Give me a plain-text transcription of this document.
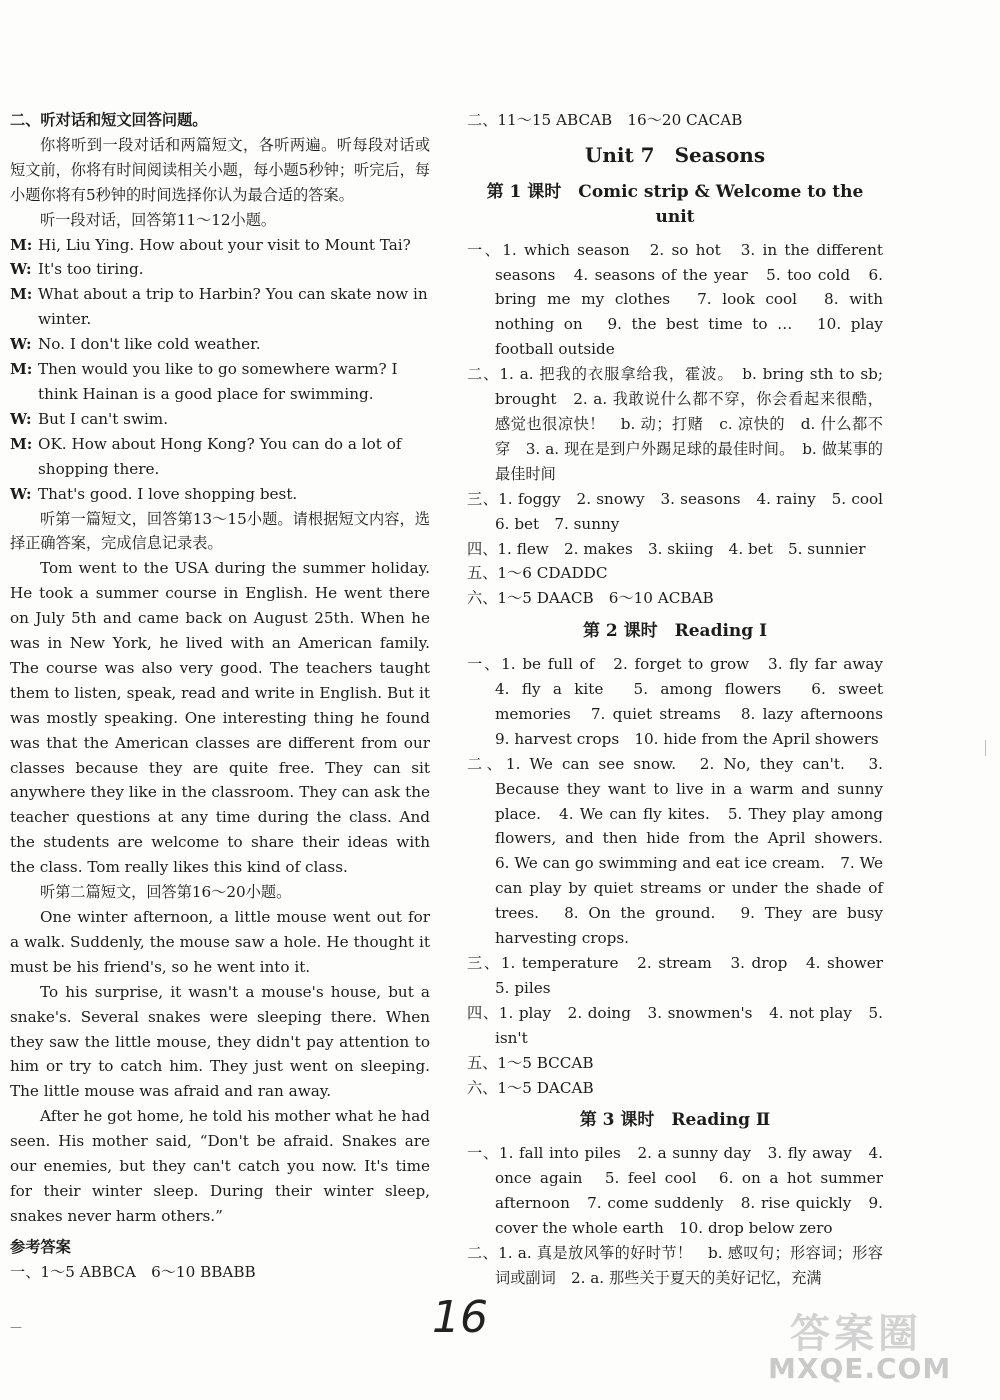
二、听对话和短文回答问题。

你将听到一段对话和两篇短文，各听两遍。听每段对话或短文前，你将有时间阅读相关小题，每小题5秒钟；听完后，每小题你将有5秒钟的时间选择你认为最合适的答案。

听一段对话，回答第11～12小题。

M: Hi, Liu Ying. How about your visit to Mount Tai?

W: It's too tiring.

M: What about a trip to Harbin? You can skate now in winter.

W: No. I don't like cold weather.

M: Then would you like to go somewhere warm? I think Hainan is a good place for swimming.

W: But I can't swim.

M: OK. How about Hong Kong? You can do a lot of shopping there.

W: That's good. I love shopping best.

听第一篇短文，回答第13～15小题。请根据短文内容，选择正确答案，完成信息记录表。

Tom went to the USA during the summer holiday. He took a summer course in English. He went there on July 5th and came back on August 25th. When he was in New York, he lived with an American family. The course was also very good. The teachers taught them to listen, speak, read and write in English. But it was mostly speaking. One interesting thing he found was that the American classes are different from our classes because they are quite free. They can sit anywhere they like in the classroom. They can ask the teacher questions at any time during the class. And the students are welcome to share their ideas with the class. Tom really likes this kind of class.

听第二篇短文，回答第16～20小题。

One winter afternoon, a little mouse went out for a walk. Suddenly, the mouse saw a hole. He thought it must be his friend's, so he went into it.

To his surprise, it wasn't a mouse's house, but a snake's. Several snakes were sleeping there. When they saw the little mouse, they didn't pay attention to him or try to catch him. They just went on sleeping. The little mouse was afraid and ran away.

After he got home, he told his mother what he had seen. His mother said, “Don't be afraid. Snakes are our enemies, but they can't catch you now. It's time for their winter sleep. During their winter sleep, snakes never harm others.”

参考答案

一、1～5 ABBCA　6～10 BBABB

二、11～15 ABCAB　16～20 CACAB

Unit 7　Seasons

第 1 课时　Comic strip & Welcome to the unit

一、1. which season　2. so hot　3. in the different seasons　4. seasons of the year　5. too cold　6. bring me my clothes　7. look cool　8. with nothing on　9. the best time to …　10. play football outside

二、1. a. 把我的衣服拿给我，霍波。　b. bring sth to sb; brought　2. a. 我敢说什么都不穿，你会看起来很酷，感觉也很凉快！　b. 动；打赌　c. 凉快的　d. 什么都不穿　3. a. 现在是到户外踢足球的最佳时间。　b. 做某事的最佳时间

三、1. foggy　2. snowy　3. seasons　4. rainy　5. cool　6. bet　7. sunny

四、1. flew　2. makes　3. skiing　4. bet　5. sunnier

五、1～6 CDADDC

六、1～5 DAACB　6～10 ACBAB

第 2 课时　Reading Ⅰ

一、1. be full of　2. forget to grow　3. fly far away　4. fly a kite　5. among flowers　6. sweet memories　7. quiet streams　8. lazy afternoons　9. harvest crops　10. hide from the April showers

二、1. We can see snow.　2. No, they can't.　3. Because they want to live in a warm and sunny place.　4. We can fly kites.　5. They play among flowers, and then hide from the April showers.　6. We can go swimming and eat ice cream.　7. We can play by quiet streams or under the shade of trees.　8. On the ground.　9. They are busy harvesting crops.

三、1. temperature　2. stream　3. drop　4. shower　5. piles

四、1. play　2. doing　3. snowmen's　4. not play　5. isn't

五、1～5 BCCAB

六、1～5 DACAB

第 3 课时　Reading Ⅱ

一、1. fall into piles　2. a sunny day　3. fly away　4. once again　5. feel cool　6. on a hot summer afternoon　7. come suddenly　8. rise quickly　9. cover the whole earth　10. drop below zero

二、1. a. 真是放风筝的好时节！　b. 感叹句；形容词；形容词或副词　2. a. 那些关于夏天的美好记忆，充满

—	16	答案圈
MXQE.COM
